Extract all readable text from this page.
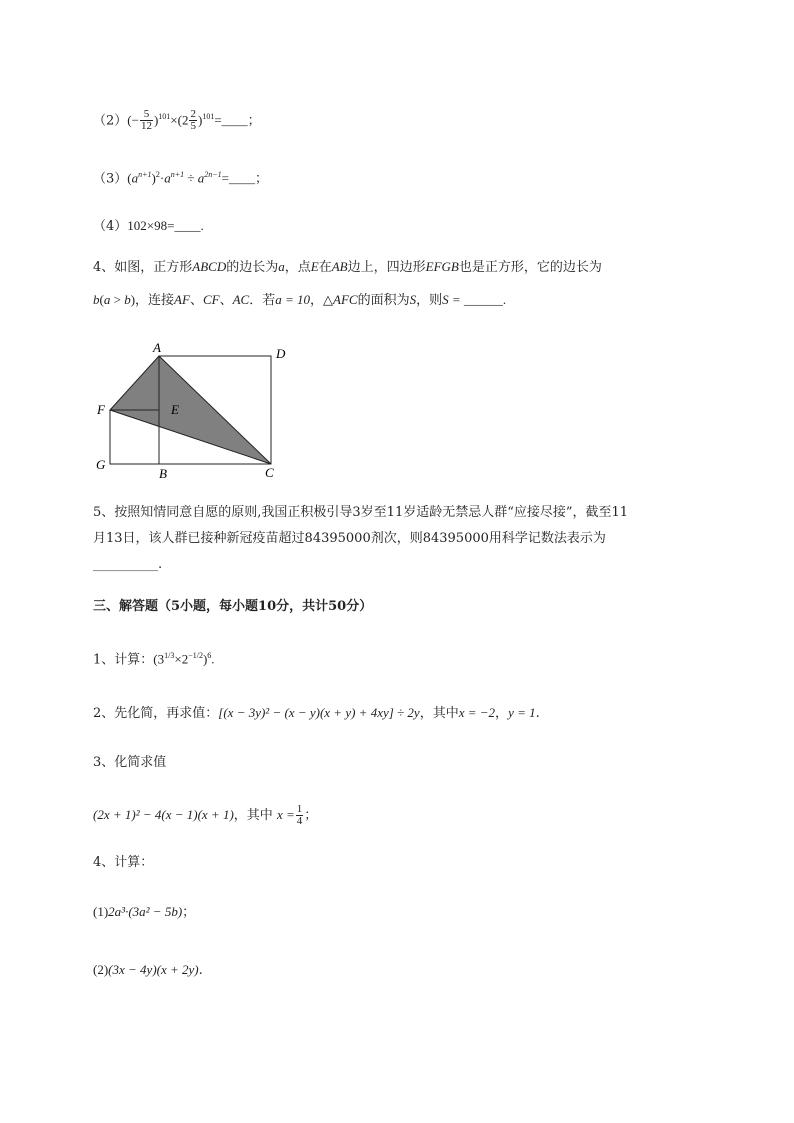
$(2)(- \frac{5}{12} )^{101}\times(2 \frac{2}{5}$ )$^{101}$=____；
$(3)(a^{n+1})^2\cdot a^{n+1}$ ÷ $a^{2n-1}=\_\_\_\_$；
（4）102×98=____.
4、如图，正方形ABCD的边长为a，点E在AB边上，四边形EFGB也是正方形，它的边长为
b(a > b)，连接AF、CF、AC．若a = 10，△AFC的面积为S，则S = ______.
A	D
F	E
G
B	C
5、按照知情同意自愿的原则,我国正积极引导3岁至11岁适龄无禁忌人群“应接尽接”，截至11
月13日，该人群已接种新冠疫苗超过84395000剂次，则84395000用科学记数法表示为
__________.
三、解答题（5小题，每小题10分，共计50分）
1、计算：$(3^{1/3}\times 2^{-1/2})^6$.
2、先化简，再求值：[(x − 3y)² − (x − y)(x + y) + 4xy] ÷ 2y，其中x = −2，y = 1.
3、化简求值
(2x + 1)² − 4(x − 1)(x + 1)，其中 $x = \frac{1}{4}$ ；
4、计算：
(1)2a³·(3a² − 5b)；
(2)(3x − 4y)(x + 2y).
